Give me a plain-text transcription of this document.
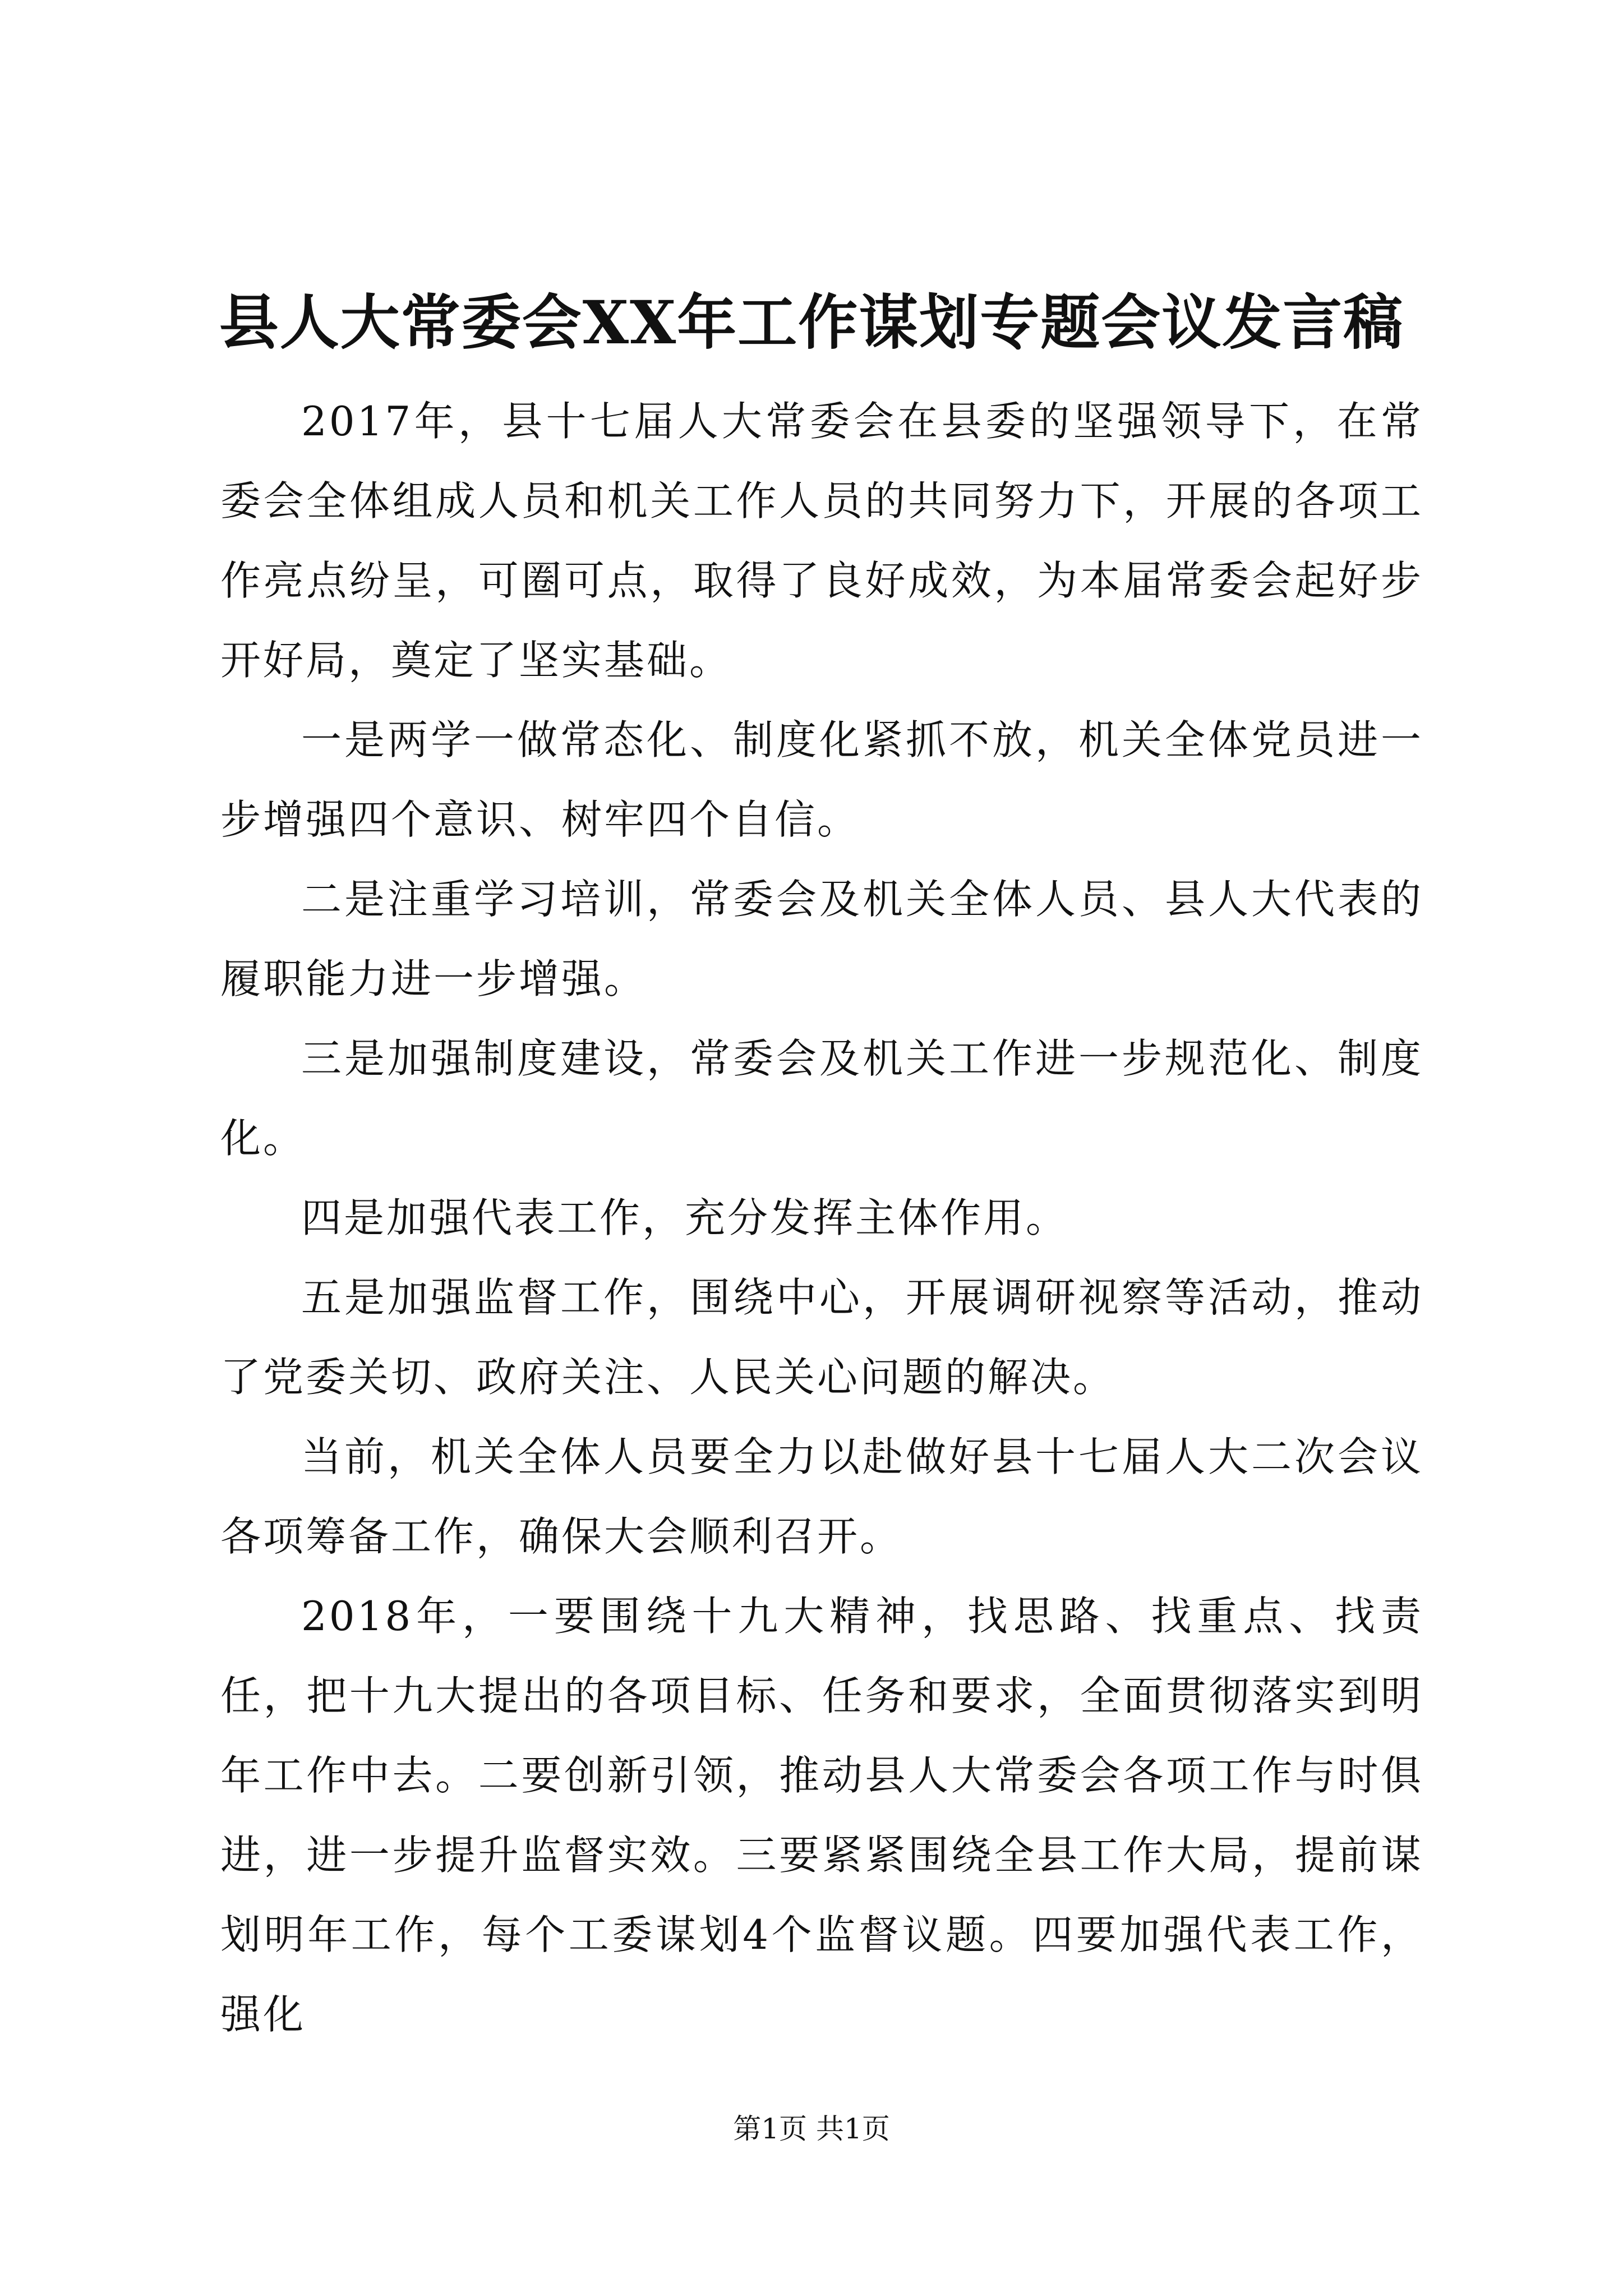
县人大常委会XX年工作谋划专题会议发言稿

2017年，县十七届人大常委会在县委的坚强领导下，在常委会全体组成人员和机关工作人员的共同努力下，开展的各项工作亮点纷呈，可圈可点，取得了良好成效，为本届常委会起好步开好局，奠定了坚实基础。

一是两学一做常态化、制度化紧抓不放，机关全体党员进一步增强四个意识、树牢四个自信。

二是注重学习培训，常委会及机关全体人员、县人大代表的履职能力进一步增强。

三是加强制度建设，常委会及机关工作进一步规范化、制度化。

四是加强代表工作，充分发挥主体作用。

五是加强监督工作，围绕中心，开展调研视察等活动，推动了党委关切、政府关注、人民关心问题的解决。

当前，机关全体人员要全力以赴做好县十七届人大二次会议各项筹备工作，确保大会顺利召开。

2018年，一要围绕十九大精神，找思路、找重点、找责任，把十九大提出的各项目标、任务和要求，全面贯彻落实到明年工作中去。二要创新引领，推动县人大常委会各项工作与时俱进，进一步提升监督实效。三要紧紧围绕全县工作大局，提前谋划明年工作，每个工委谋划4个监督议题。四要加强代表工作，强化

第1页 共1页
